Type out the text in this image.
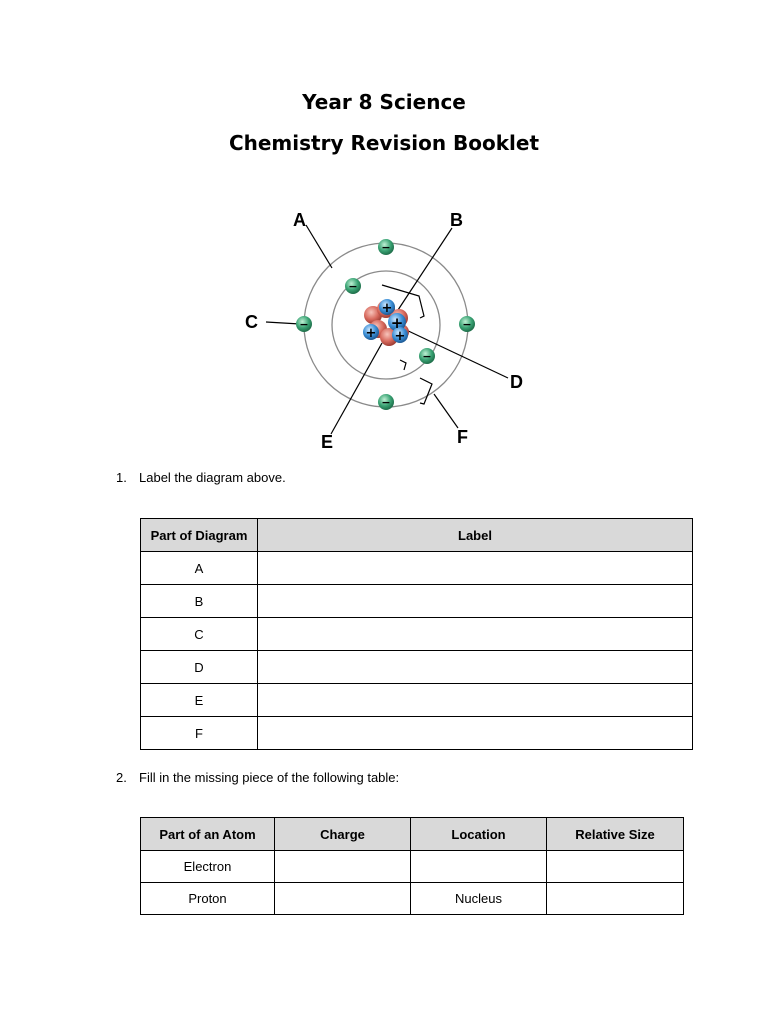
Year 8 Science
Chemistry Revision Booklet
+
+
+
+
−
−
−	−
−
−
A	B
C
D
E	F
1. Label the diagram above.
Part of Diagram	Label
A	
B	
C	
D	
E	
F	
2. Fill in the missing piece of the following table:
Part of an Atom	Charge	Location	Relative Size
Electron			
Proton		Nucleus	
